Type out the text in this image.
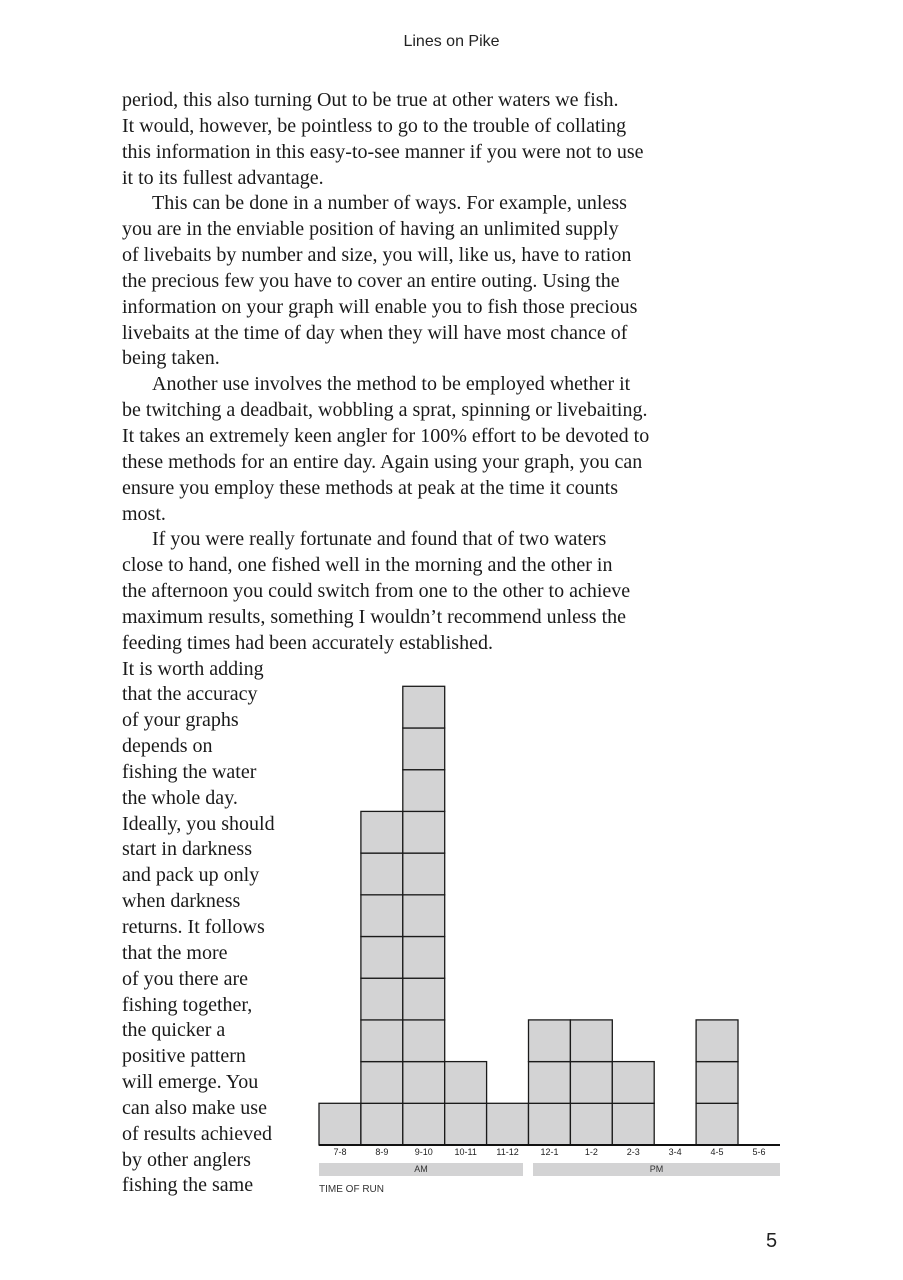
Lines on Pike
period, this also turning Out to be true at other waters we fish.
It would, however, be pointless to go to the trouble of collating
this information in this easy-to-see manner if you were not to use
it to its fullest advantage.
This can be done in a number of ways. For example, unless
you are in the enviable position of having an unlimited supply
of livebaits by number and size, you will, like us, have to ration
the precious few you have to cover an entire outing. Using the
information on your graph will enable you to fish those precious
livebaits at the time of day when they will have most chance of
being taken.
Another use involves the method to be employed whether it
be twitching a deadbait, wobbling a sprat, spinning or livebaiting.
It takes an extremely keen angler for 100% effort to be devoted to
these methods for an entire day. Again using your graph, you can
ensure you employ these methods at peak at the time it counts
most.
If you were really fortunate and found that of two waters
close to hand, one fished well in the morning and the other in
the afternoon you could switch from one to the other to achieve
maximum results, something I wouldn’t recommend unless the
feeding times had been accurately established.
It is worth adding
that the accuracy
of your graphs
depends on
fishing the water
the whole day.
Ideally, you should
start in darkness
and pack up only
when darkness
returns. It follows
that the more
of you there are
fishing together,
the quicker a
positive pattern
will emerge. You
can also make use
of results achieved
by other anglers
fishing the same
7-8	8-9	9-10 10-11 11-12 12-1	1-2	2-3	3-4	4-5	5-6
AM	PM
TIME OF RUN
5
